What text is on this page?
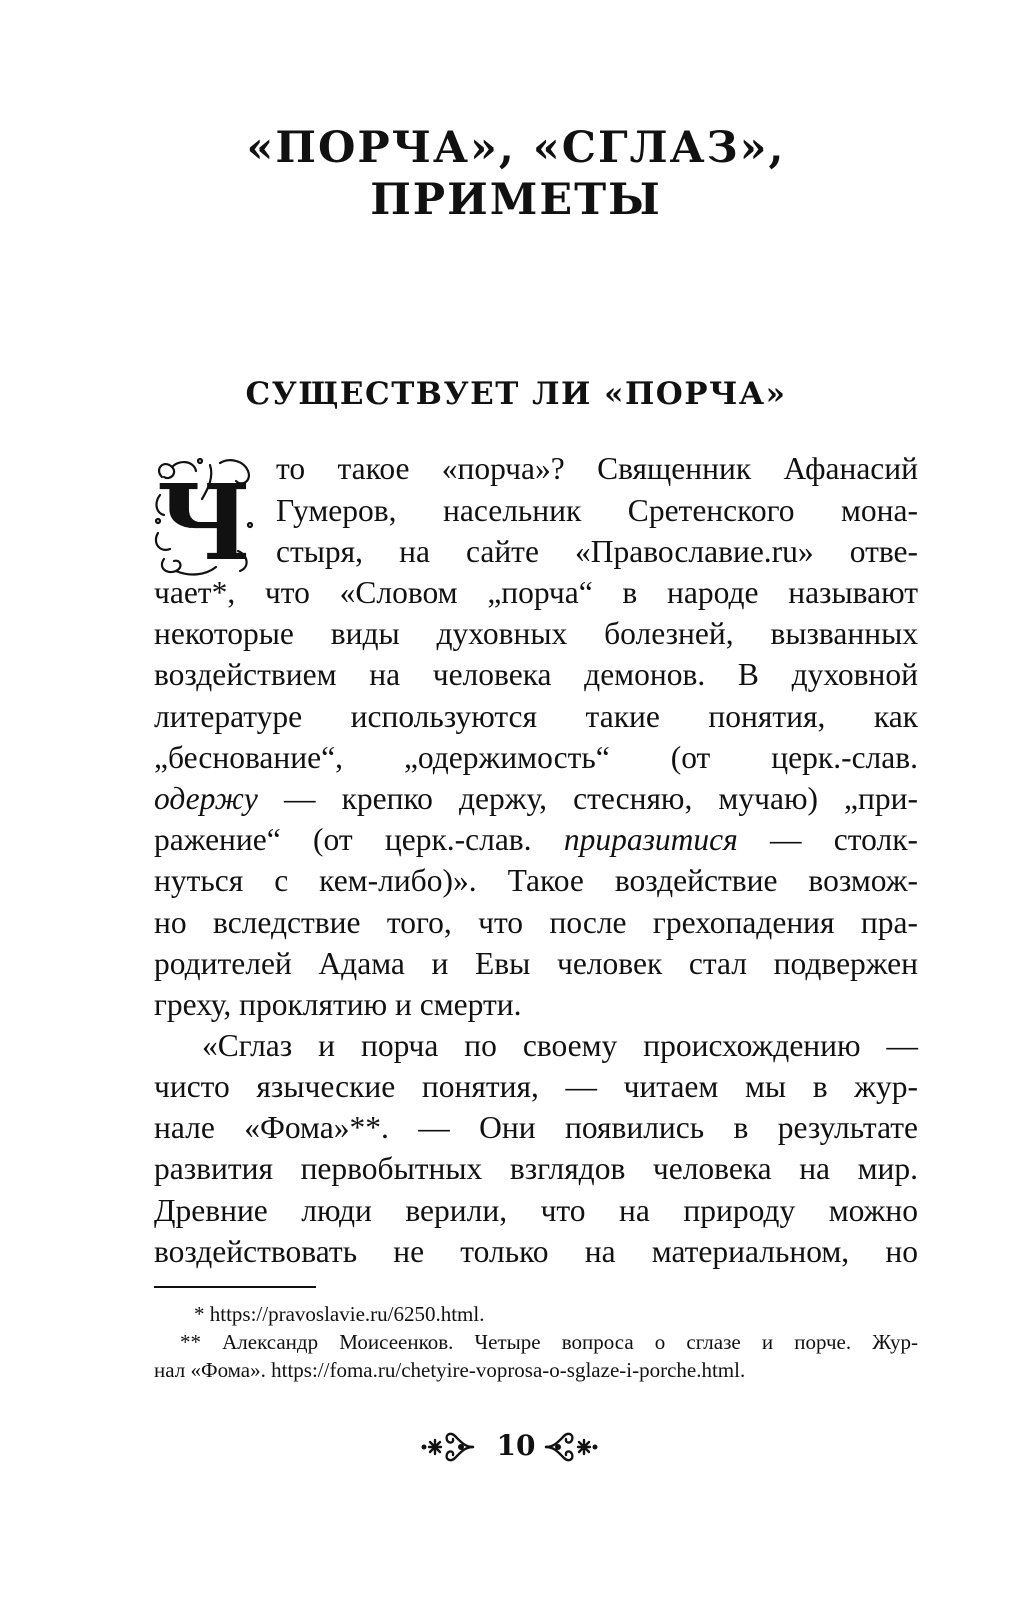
«ПОРЧА», «СГЛАЗ»,
ПРИМЕТЫ
СУЩЕСТВУЕТ ЛИ «ПОРЧА»
Ч то такое «порча»? Священник Афанасий
Гумеров, насельник Сретенского мона-
стыря, на сайте «Православие.ru» отве-
чает*, что «Словом „порча“ в народе называют
некоторые виды духовных болезней, вызванных
воздействием на человека демонов. В духовной
литературе используются такие понятия, как
„беснование“, „одержимость“ (от церк.-слав.
одержу — крепко держу, стесняю, мучаю) „при-
ражение“ (от церк.-слав. приразитися — столк-
нуться с кем-либо)». Такое воздействие возмож-
но вследствие того, что после грехопадения пра-
родителей Адама и Евы человек стал подвержен
греху, проклятию и смерти.
«Сглаз и порча по своему происхождению —
чисто языческие понятия, — читаем мы в жур-
нале «Фома»**. — Они появились в результате
развития первобытных взглядов человека на мир.
Древние люди верили, что на природу можно
воздействовать не только на материальном, но
* https://pravoslavie.ru/6250.html.
** Александр Моисеенков. Четыре вопроса о сглазе и порче. Жур-
нал «Фома». https://foma.ru/chetyire-voprosa-o-sglaze-i-porche.html.
10
